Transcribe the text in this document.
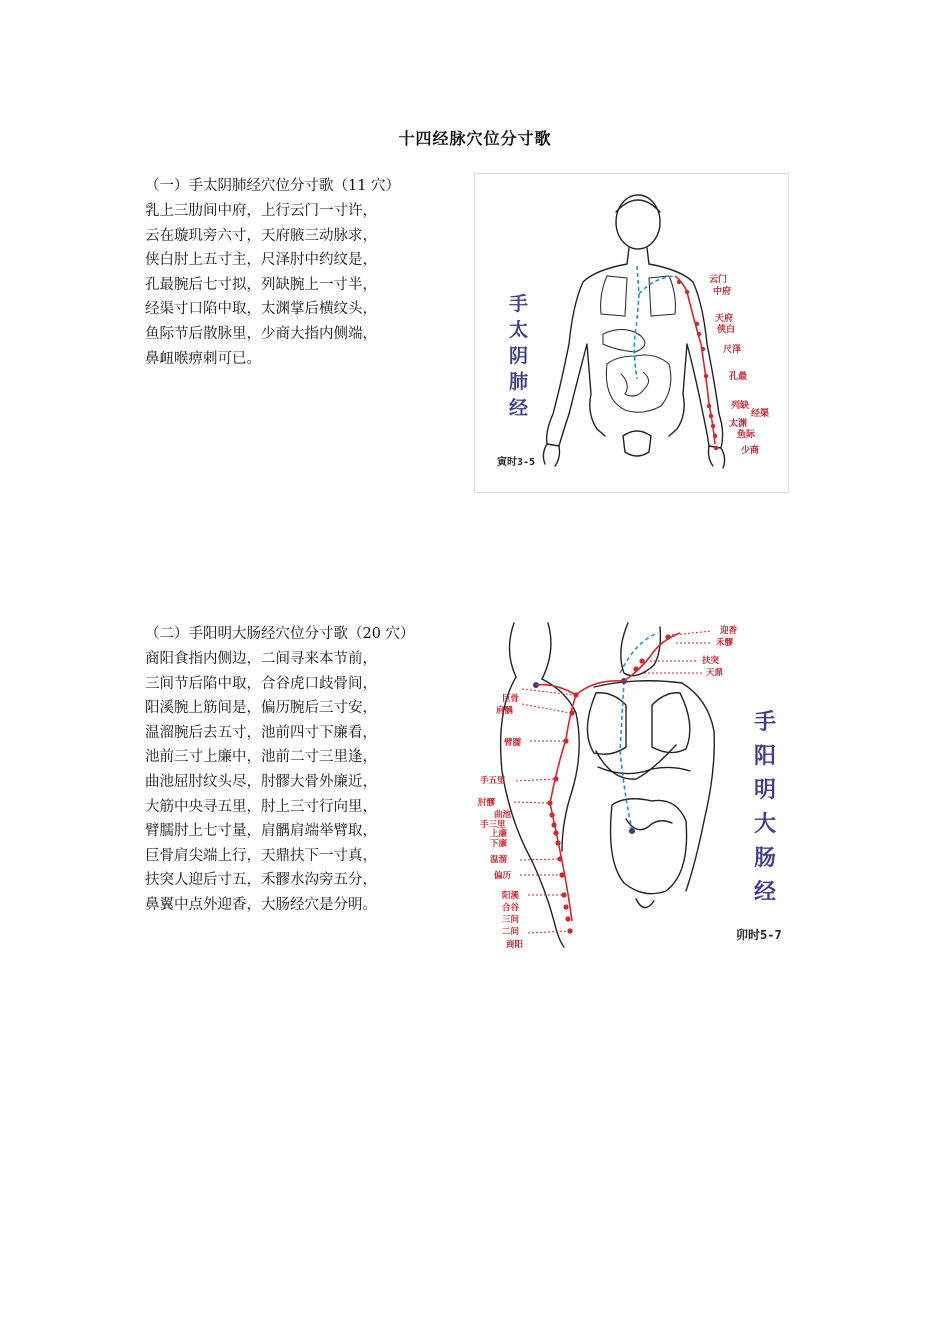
十四经脉穴位分寸歌
（一）手太阴肺经穴位分寸歌（11 穴）
乳上三肋间中府，上行云门一寸许，
云在璇玑旁六寸，天府腋三动脉求，
侠白肘上五寸主，尺泽肘中约纹是，
孔最腕后七寸拟，列缺腕上一寸半，
经渠寸口陷中取，太渊掌后横纹头，
鱼际节后散脉里，少商大指内侧端，
鼻衄喉痹刺可已。
云门
中府
天府
侠白
尺泽
孔最
列缺
经渠
太渊
鱼际
少商
手
太
阴
肺
经
寅时3-5
（二）手阳明大肠经穴位分寸歌（20 穴）
商阳食指内侧边，二间寻来本节前，
三间节后陷中取，合谷虎口歧骨间，
阳溪腕上筋间是，偏历腕后三寸安，
温溜腕后去五寸，池前四寸下廉看，
池前三寸上廉中，池前二寸三里逢，
曲池屈肘纹头尽，肘髎大骨外廉近，
大筋中央寻五里，肘上三寸行向里，
臂臑肘上七寸量，肩髃肩端举臂取，
巨骨肩尖端上行，天鼎扶下一寸真，
扶突人迎后寸五，禾髎水沟旁五分，
鼻翼中点外迎香，大肠经穴是分明。
迎香
禾髎
扶突
天鼎
巨骨
肩髃
臂臑
手五里
肘髎
曲池
手三里
上廉
下廉
温溜
偏历
阳溪
合谷
三间
二间
商阳
手
阳
明
大
肠
经
卯时5-7
